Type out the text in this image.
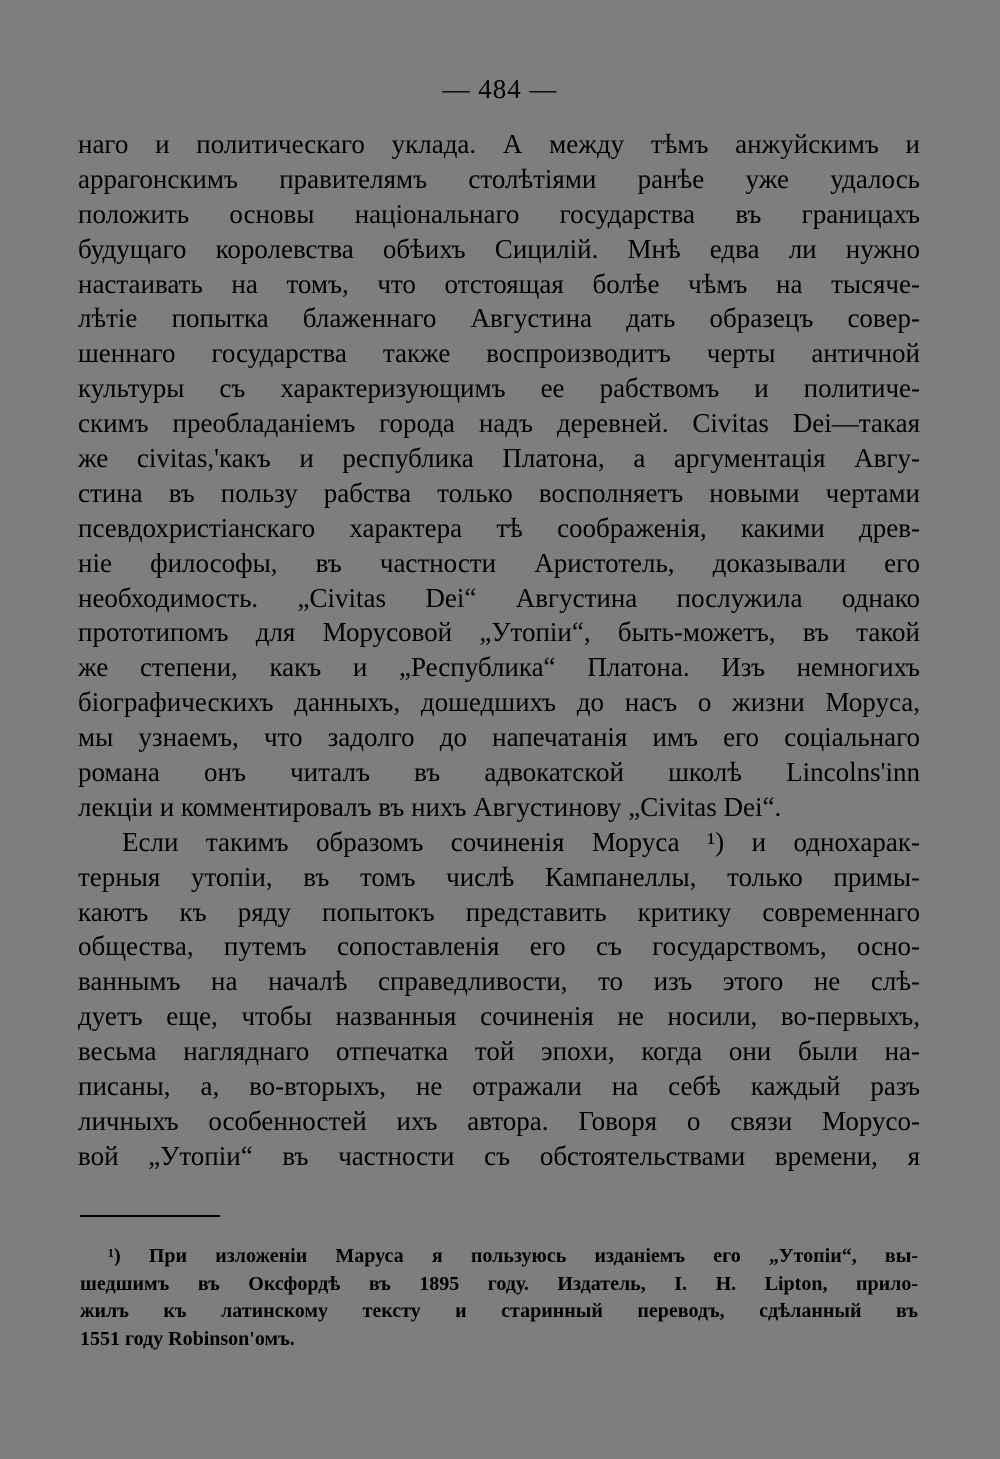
— 484 —
наго и политическаго уклада. А между тѣмъ анжуйскимъ и
аррагонскимъ правителямъ столѣтіями ранѣе уже удалось
положить основы національнаго государства въ границахъ
будущаго королевства обѣихъ Сицилій. Мнѣ едва ли нужно
настаивать на томъ, что отстоящая болѣе чѣмъ на тысяче-
лѣтіе попытка блаженнаго Августина дать образецъ совер-
шеннаго государства также воспроизводитъ черты античной
культуры съ характеризующимъ ее рабствомъ и политиче-
скимъ преобладаніемъ города надъ деревней. Civitas Dei—такая
же civitas,'какъ и республика Платона, а аргументація Авгу-
стина въ пользу рабства только восполняетъ новыми чертами
псевдохристіанскаго характера тѣ соображенія, какими древ-
ніе философы, въ частности Аристотель, доказывали его
необходимость. „Civitas Dei“ Августина послужила однако
прототипомъ для Морусовой „Утопіи“, быть-можетъ, въ такой
же степени, какъ и „Республика“ Платона. Изъ немногихъ
біографическихъ данныхъ, дошедшихъ до насъ о жизни Моруса,
мы узнаемъ, что задолго до напечатанія имъ его соціальнаго
романа онъ читалъ въ адвокатской школѣ Lincolns'inn
лекціи и комментировалъ въ нихъ Августинову „Civitas Dei“.
Если такимъ образомъ сочиненія Моруса ¹) и однохарак-
терныя утопіи, въ томъ числѣ Кампанеллы, только примы-
каютъ къ ряду попытокъ представить критику современнаго
общества, путемъ сопоставленія его съ государствомъ, осно-
ваннымъ на началѣ справедливости, то изъ этого не слѣ-
дуетъ еще, чтобы названныя сочиненія не носили, во-первыхъ,
весьма нагляднаго отпечатка той эпохи, когда они были на-
писаны, а, во-вторыхъ, не отражали на себѣ каждый разъ
личныхъ особенностей ихъ автора. Говоря о связи Морусо-
вой „Утопіи“ въ частности съ обстоятельствами времени, я
¹) При изложеніи Маруса я пользуюсь изданіемъ его „Утопіи“, вы-
шедшимъ въ Оксфордѣ въ 1895 году. Издатель, I. H. Lipton, прило-
жилъ къ латинскому тексту и старинный переводъ, сдѣланный въ
1551 году Robinson'омъ.
